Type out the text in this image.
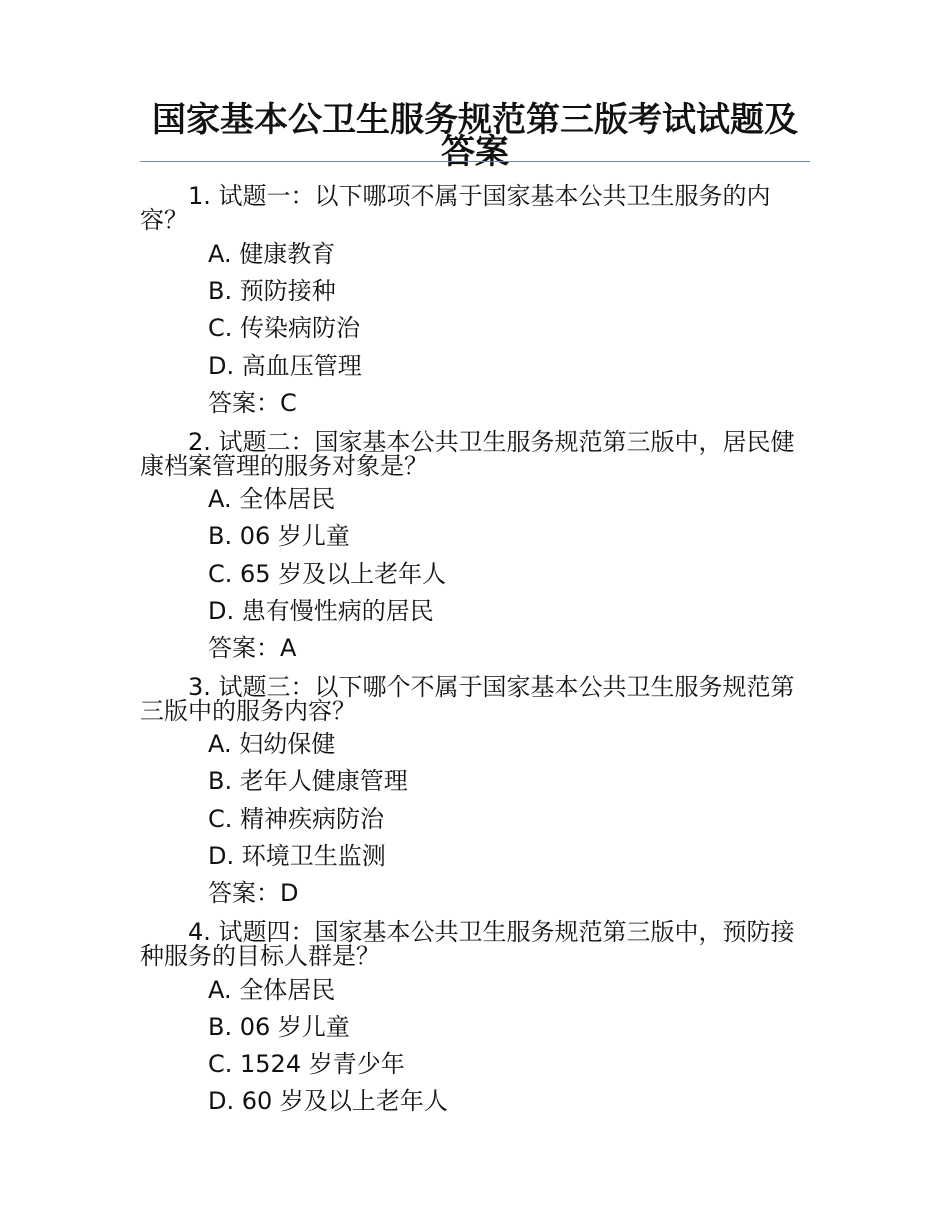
国家基本公卫生服务规范第三版考试试题及答案

1. 试题一：以下哪项不属于国家基本公共卫生服务的内容？

A. 健康教育

B. 预防接种

C. 传染病防治

D. 高血压管理

答案：C

2. 试题二：国家基本公共卫生服务规范第三版中，居民健康档案管理的服务对象是？

A. 全体居民

B. 06 岁儿童

C. 65 岁及以上老年人

D. 患有慢性病的居民

答案：A

3. 试题三：以下哪个不属于国家基本公共卫生服务规范第三版中的服务内容？

A. 妇幼保健

B. 老年人健康管理

C. 精神疾病防治

D. 环境卫生监测

答案：D

4. 试题四：国家基本公共卫生服务规范第三版中，预防接种服务的目标人群是？

A. 全体居民

B. 06 岁儿童

C. 1524 岁青少年

D. 60 岁及以上老年人
